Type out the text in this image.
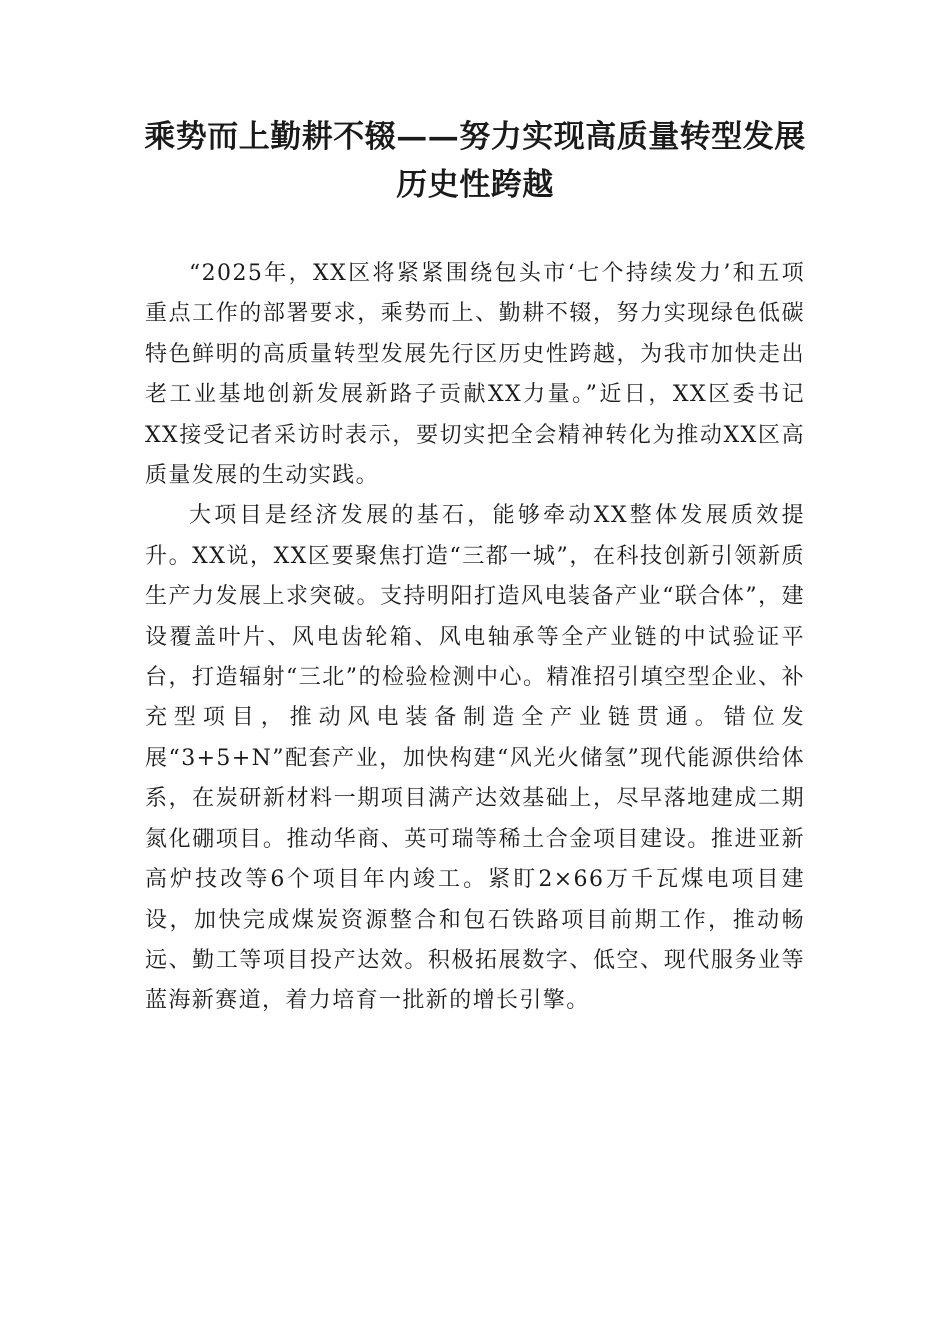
乘势而上勤耕不辍——努力实现高质量转型发展历史性跨越

“2025年，XX区将紧紧围绕包头市‘七个持续发力’和五项重点工作的部署要求，乘势而上、勤耕不辍，努力实现绿色低碳特色鲜明的高质量转型发展先行区历史性跨越，为我市加快走出老工业基地创新发展新路子贡献XX力量。”近日，XX区委书记XX接受记者采访时表示，要切实把全会精神转化为推动XX区高质量发展的生动实践。

大项目是经济发展的基石，能够牵动XX整体发展质效提升。XX说，XX区要聚焦打造“三都一城”，在科技创新引领新质生产力发展上求突破。支持明阳打造风电装备产业“联合体”，建设覆盖叶片、风电齿轮箱、风电轴承等全产业链的中试验证平台，打造辐射“三北”的检验检测中心。精准招引填空型企业、补充型项目，推动风电装备制造全产业链贯通。错位发展“3+5+N”配套产业，加快构建“风光火储氢”现代能源供给体系，在炭研新材料一期项目满产达效基础上，尽早落地建成二期氮化硼项目。推动华商、英可瑞等稀土合金项目建设。推进亚新高炉技改等6个项目年内竣工。紧盯2×66万千瓦煤电项目建设，加快完成煤炭资源整合和包石铁路项目前期工作，推动畅远、勤工等项目投产达效。积极拓展数字、低空、现代服务业等蓝海新赛道，着力培育一批新的增长引擎。
